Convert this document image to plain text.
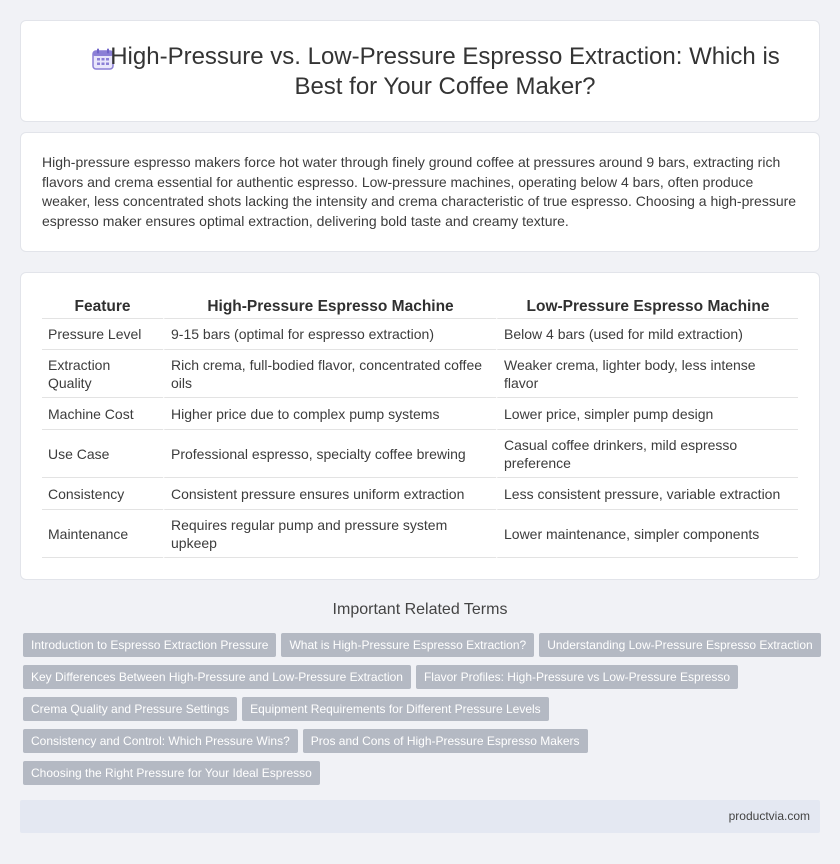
High-Pressure vs. Low-Pressure Espresso Extraction: Which is Best for Your Coffee Maker?

High-pressure espresso makers force hot water through finely ground coffee at pressures around 9 bars, extracting rich flavors and crema essential for authentic espresso. Low-pressure machines, operating below 4 bars, often produce weaker, less concentrated shots lacking the intensity and crema characteristic of true espresso. Choosing a high-pressure espresso maker ensures optimal extraction, delivering bold taste and creamy texture.

Feature	High-Pressure Espresso Machine	Low-Pressure Espresso Machine
Pressure Level	9-15 bars (optimal for espresso extraction)	Below 4 bars (used for mild extraction)
Extraction Quality	Rich crema, full-bodied flavor, concentrated coffee oils	Weaker crema, lighter body, less intense flavor
Machine Cost	Higher price due to complex pump systems	Lower price, simpler pump design
Use Case	Professional espresso, specialty coffee brewing	Casual coffee drinkers, mild espresso preference
Consistency	Consistent pressure ensures uniform extraction	Less consistent pressure, variable extraction
Maintenance	Requires regular pump and pressure system upkeep	Lower maintenance, simpler components
Important Related Terms
Introduction to Espresso Extraction Pressure What is High-Pressure Espresso Extraction? Understanding Low-Pressure Espresso Extraction
Key Differences Between High-Pressure and Low-Pressure Extraction Flavor Profiles: High-Pressure vs Low-Pressure Espresso
Crema Quality and Pressure Settings Equipment Requirements for Different Pressure Levels
Consistency and Control: Which Pressure Wins? Pros and Cons of High-Pressure Espresso Makers
Choosing the Right Pressure for Your Ideal Espresso
productvia.com
